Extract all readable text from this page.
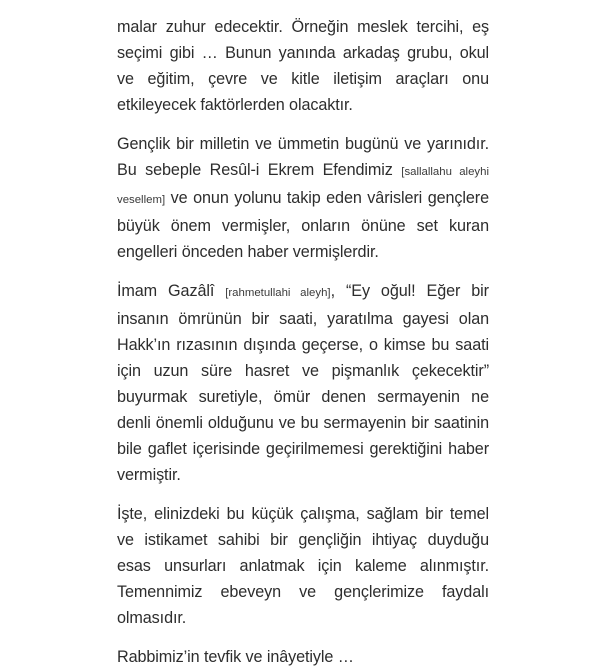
malar zuhur edecektir. Örneğin meslek tercihi, eş seçimi gibi … Bunun yanında arkadaş grubu, okul ve eğitim, çevre ve kitle iletişim araçları onu etkileyecek faktörlerden olacaktır.

Gençlik bir milletin ve ümmetin bugünü ve yarınıdır. Bu sebeple Resûl-i Ekrem Efendimiz [sallallahu aleyhi vesellem] ve onun yolunu takip eden vârisleri gençlere büyük önem vermişler, onların önüne set kuran engelleri önceden haber vermişlerdir.

İmam Gazâlî [rahmetullahi aleyh], “Ey oğul! Eğer bir insanın ömrünün bir saati, yaratılma gayesi olan Hakk’ın rızasının dışında geçerse, o kimse bu saati için uzun süre hasret ve pişmanlık çekecektir” buyurmak suretiyle, ömür denen sermayenin ne denli önemli olduğunu ve bu sermayenin bir saatinin bile gaflet içerisinde geçirilmemesi gerektiğini haber vermiştir.

İşte, elinizdeki bu küçük çalışma, sağlam bir temel ve istikamet sahibi bir gençliğin ihtiyaç duyduğu esas unsurları anlatmak için kaleme alınmıştır. Temennimiz ebeveyn ve gençlerimize faydalı olmasıdır.

Rabbimiz’in tevfik ve inâyetiyle …
